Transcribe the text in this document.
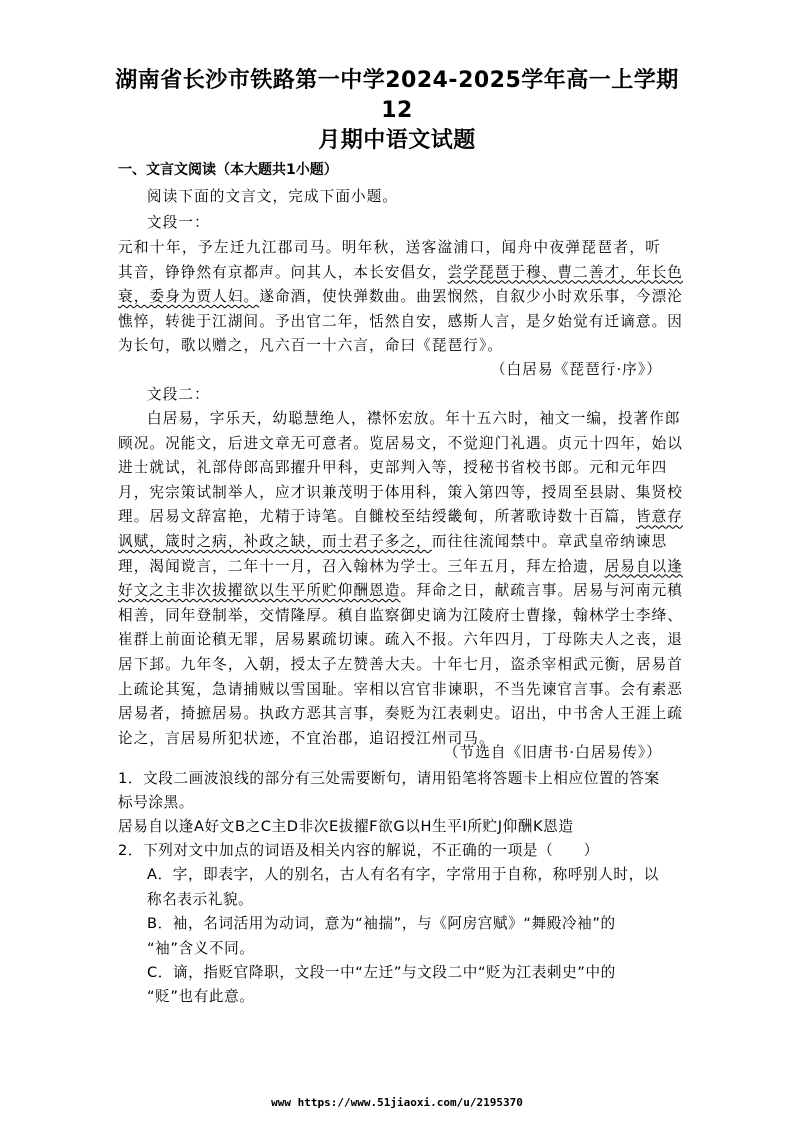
湖南省长沙市铁路第一中学2024-2025学年高一上学期12
月期中语文试题
一、文言文阅读（本大题共1小题）
阅读下面的文言文，完成下面小题。
文段一：
元和十年，予左迁九江郡司马。明年秋，送客湓浦口，闻舟中夜弹琵琶者，听
其音，铮铮然有京都声。问其人，本长安倡女，尝学琵琶于穆、曹二善才，年长色
衰，委身为贾人妇。遂命酒，使快弹数曲。曲罢悯然，自叙少小时欢乐事，今漂沦
憔悴，转徙于江湖间。予出官二年，恬然自安，感斯人言，是夕始觉有迁谪意。因
为长句，歌以赠之，凡六百一十六言，命曰《琵琶行》。
（白居易《琵琶行·序》）
文段二：
白居易，字乐天，幼聪慧绝人，襟怀宏放。年十五六时，袖文一编，投著作郎
顾况。况能文，后进文章无可意者。览居易文，不觉迎门礼遇。贞元十四年，始以
进士就试，礼部侍郎高郢擢升甲科，吏部判入等，授秘书省校书郎。元和元年四
月，宪宗策试制举人，应才识兼茂明于体用科，策入第四等，授周至县尉、集贤校
理。居易文辞富艳，尤精于诗笔。自雠校至结绶畿甸，所著歌诗数十百篇，皆意存
讽赋，箴时之病，补政之缺，而士君子多之，而往往流闻禁中。章武皇帝纳谏思
理，渴闻谠言，二年十一月，召入翰林为学士。三年五月，拜左拾遗，居易自以逢
好文之主非次拔擢欲以生平所贮仰酬恩造。拜命之日，献疏言事。居易与河南元稹
相善，同年登制举，交情隆厚。稹自监察御史谪为江陵府士曹掾，翰林学士李绛、
崔群上前面论稹无罪，居易累疏切谏。疏入不报。六年四月，丁母陈夫人之丧，退
居下邽。九年冬，入朝，授太子左赞善大夫。十年七月，盗杀宰相武元衡，居易首
上疏论其冤，急请捕贼以雪国耻。宰相以宫官非谏职，不当先谏官言事。会有素恶
居易者，掎摭居易。执政方恶其言事，奏贬为江表刺史。诏出，中书舍人王涯上疏
论之，言居易所犯状迹，不宜治郡，追诏授江州司马。
（节选自《旧唐书·白居易传》）
1．文段二画波浪线的部分有三处需要断句，请用铅笔将答题卡上相应位置的答案
标号涂黑。
居易自以逢A好文B之C主D非次E拔擢F欲G以H生平I所贮J仰酬K恩造
2．下列对文中加点的词语及相关内容的解说，不正确的一项是（　　）
A．字，即表字，人的别名，古人有名有字，字常用于自称，称呼别人时，以
称名表示礼貌。
B．袖，名词活用为动词，意为“袖揣”，与《阿房宫赋》“舞殿冷袖”的
“袖”含义不同。
C．谪，指贬官降职，文段一中“左迁”与文段二中“贬为江表刺史”中的
“贬”也有此意。
www https://www.51jiaoxi.com/u/2195370
